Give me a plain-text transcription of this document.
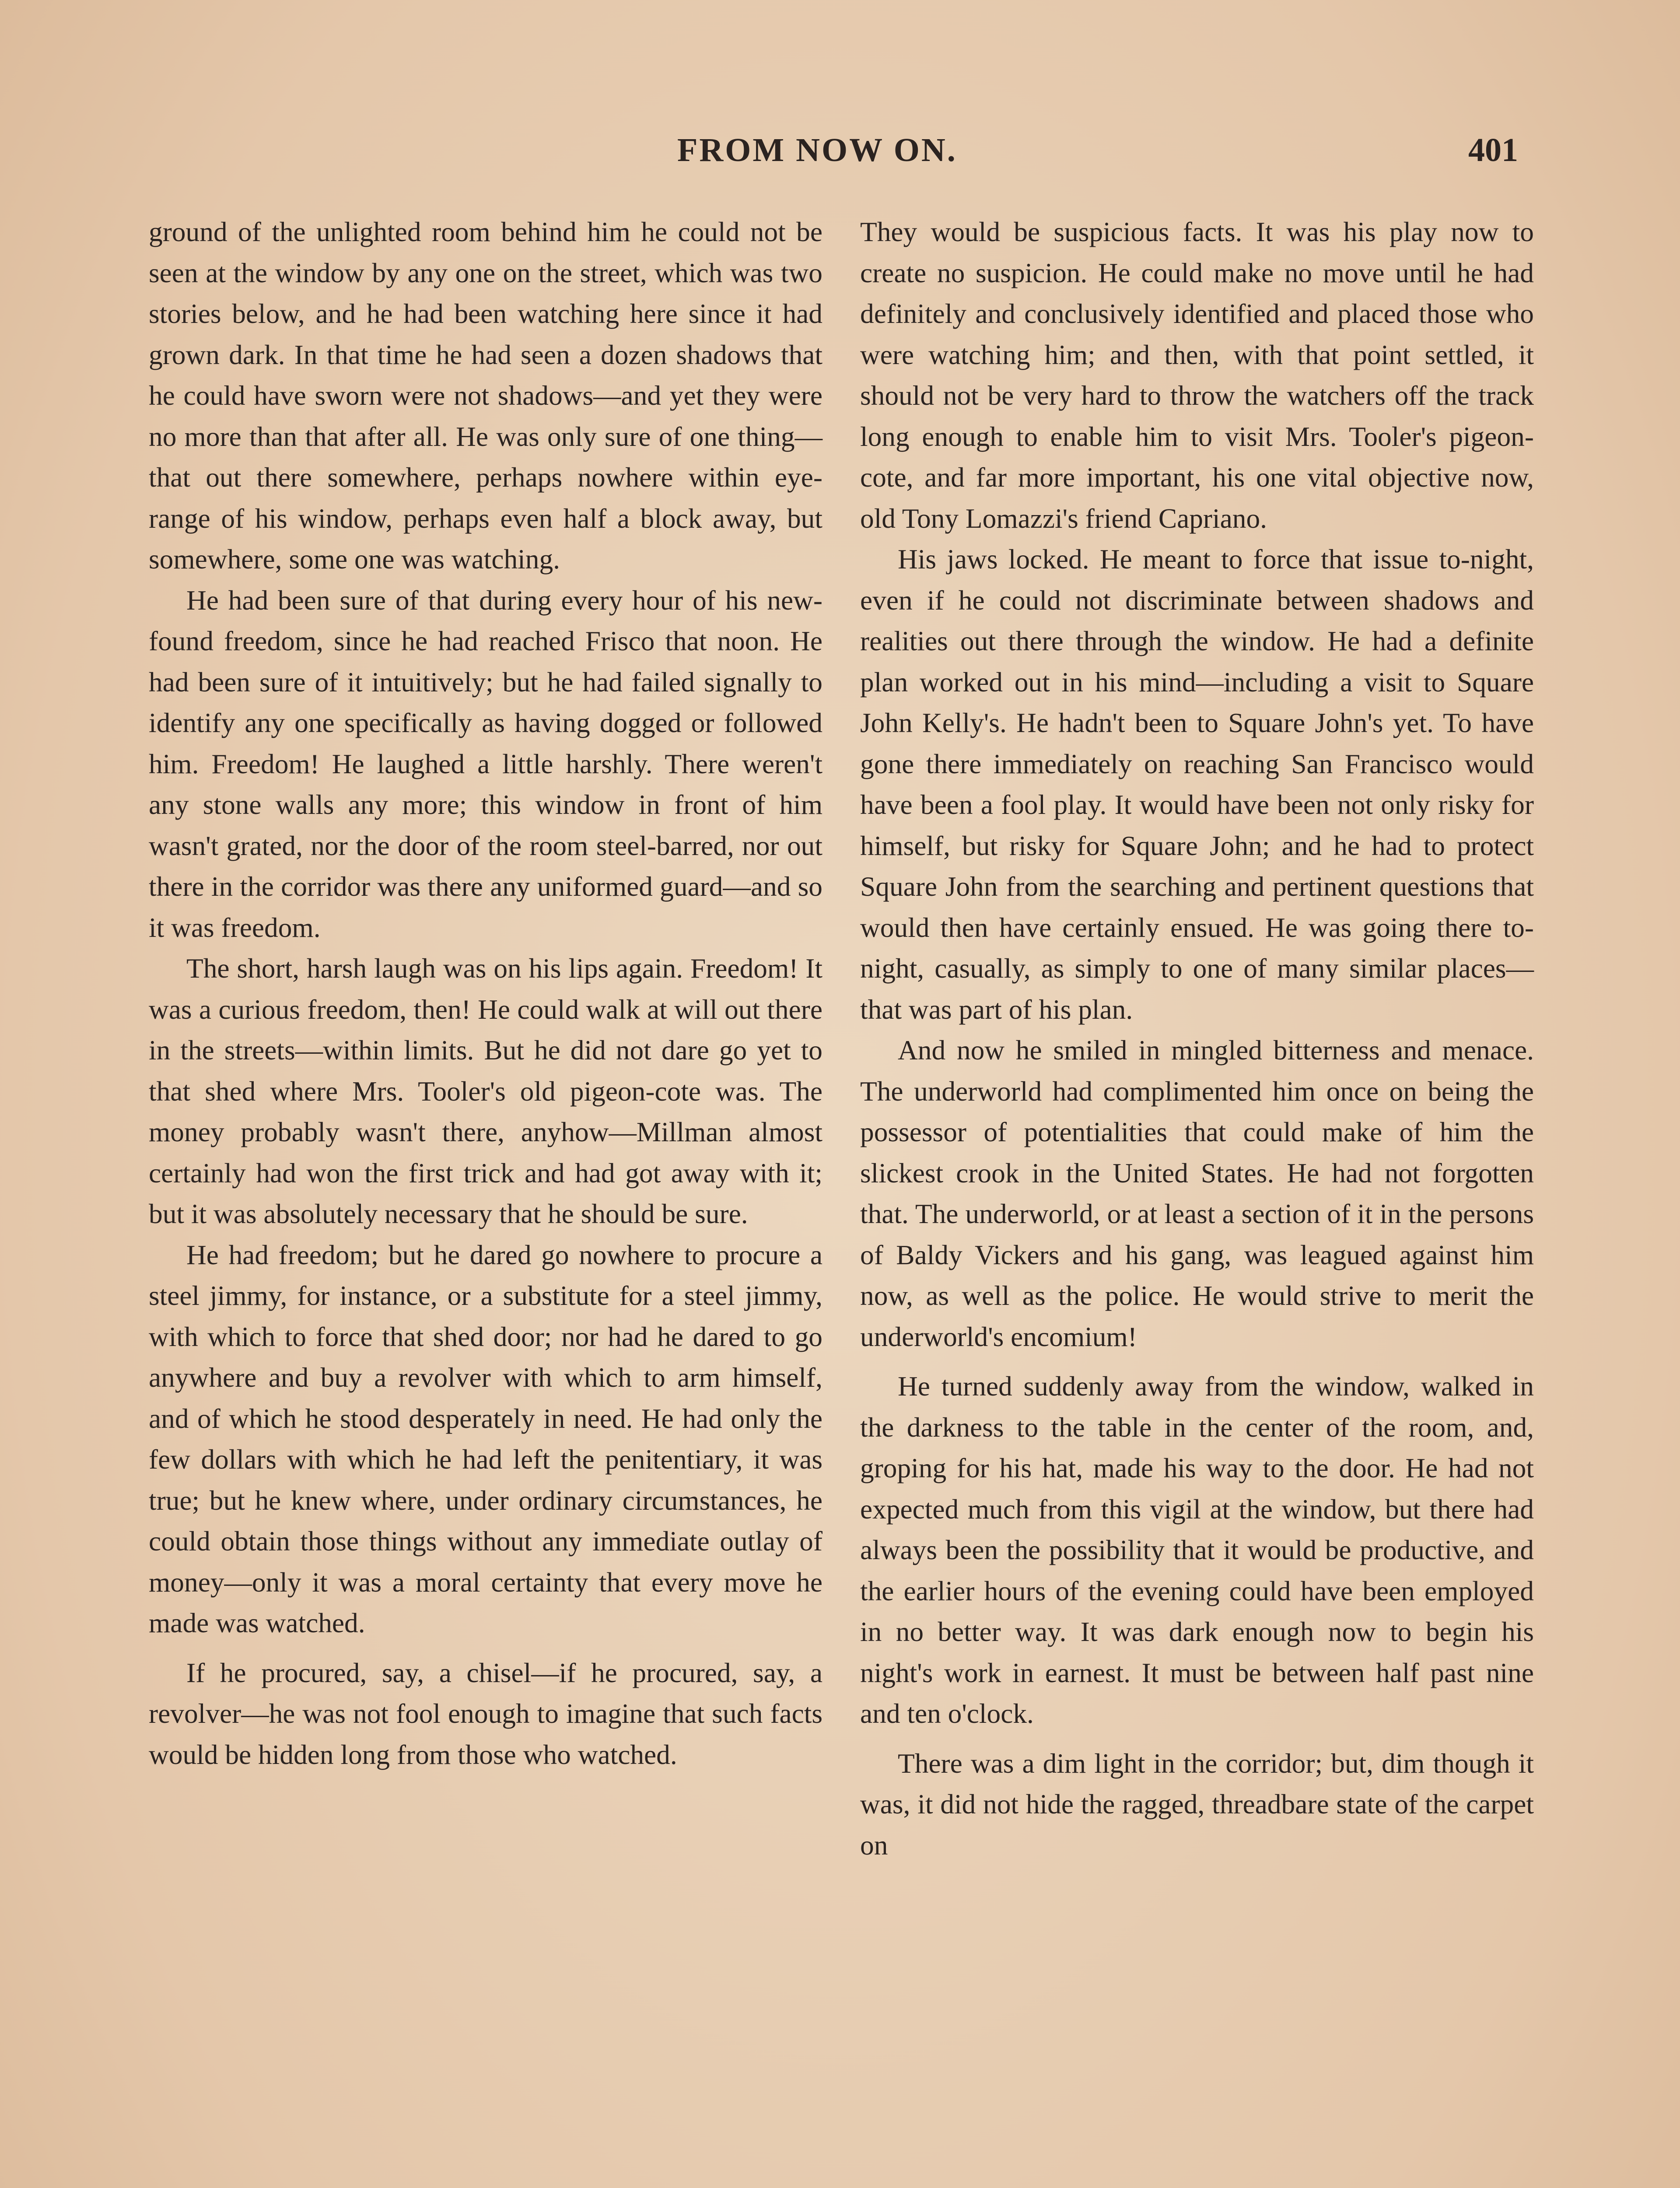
FROM NOW ON.	401

ground of the unlighted room behind him he could not be seen at the window by any one on the street, which was two stories below, and he had been watching here since it had grown dark. In that time he had seen a dozen shadows that he could have sworn were not shadows—and yet they were no more than that after all. He was only sure of one thing—that out there somewhere, perhaps nowhere within eye-range of his window, perhaps even half a block away, but somewhere, some one was watching.

He had been sure of that during every hour of his new-found freedom, since he had reached Frisco that noon. He had been sure of it intuitively; but he had failed signally to identify any one specifically as having dogged or followed him. Freedom! He laughed a little harshly. There weren't any stone walls any more; this window in front of him wasn't grated, nor the door of the room steel-barred, nor out there in the corridor was there any uniformed guard—and so it was freedom.

The short, harsh laugh was on his lips again. Freedom! It was a curious freedom, then! He could walk at will out there in the streets—within limits. But he did not dare go yet to that shed where Mrs. Tooler's old pigeon-cote was. The money probably wasn't there, anyhow—Millman almost certainly had won the first trick and had got away with it; but it was absolutely necessary that he should be sure.

He had freedom; but he dared go nowhere to procure a steel jimmy, for instance, or a substitute for a steel jimmy, with which to force that shed door; nor had he dared to go anywhere and buy a revolver with which to arm himself, and of which he stood desperately in need. He had only the few dollars with which he had left the penitentiary, it was true; but he knew where, under ordinary circumstances, he could obtain those things without any immediate outlay of money—only it was a moral certainty that every move he made was watched.

If he procured, say, a chisel—if he procured, say, a revolver—he was not fool enough to imagine that such facts would be hidden long from those who watched.

They would be suspicious facts. It was his play now to create no suspicion. He could make no move until he had definitely and conclusively identified and placed those who were watching him; and then, with that point settled, it should not be very hard to throw the watchers off the track long enough to enable him to visit Mrs. Tooler's pigeon-cote, and far more important, his one vital objective now, old Tony Lomazzi's friend Capriano.

His jaws locked. He meant to force that issue to-night, even if he could not discriminate between shadows and realities out there through the window. He had a definite plan worked out in his mind—including a visit to Square John Kelly's. He hadn't been to Square John's yet. To have gone there immediately on reaching San Francisco would have been a fool play. It would have been not only risky for himself, but risky for Square John; and he had to protect Square John from the searching and pertinent questions that would then have certainly ensued. He was going there to-night, casually, as simply to one of many similar places—that was part of his plan.

And now he smiled in mingled bitterness and menace. The underworld had complimented him once on being the possessor of potentialities that could make of him the slickest crook in the United States. He had not forgotten that. The underworld, or at least a section of it in the persons of Baldy Vickers and his gang, was leagued against him now, as well as the police. He would strive to merit the underworld's encomium!

He turned suddenly away from the window, walked in the darkness to the table in the center of the room, and, groping for his hat, made his way to the door. He had not expected much from this vigil at the window, but there had always been the possibility that it would be productive, and the earlier hours of the evening could have been employed in no better way. It was dark enough now to begin his night's work in earnest. It must be between half past nine and ten o'clock.

There was a dim light in the corridor; but, dim though it was, it did not hide the ragged, threadbare state of the carpet on
